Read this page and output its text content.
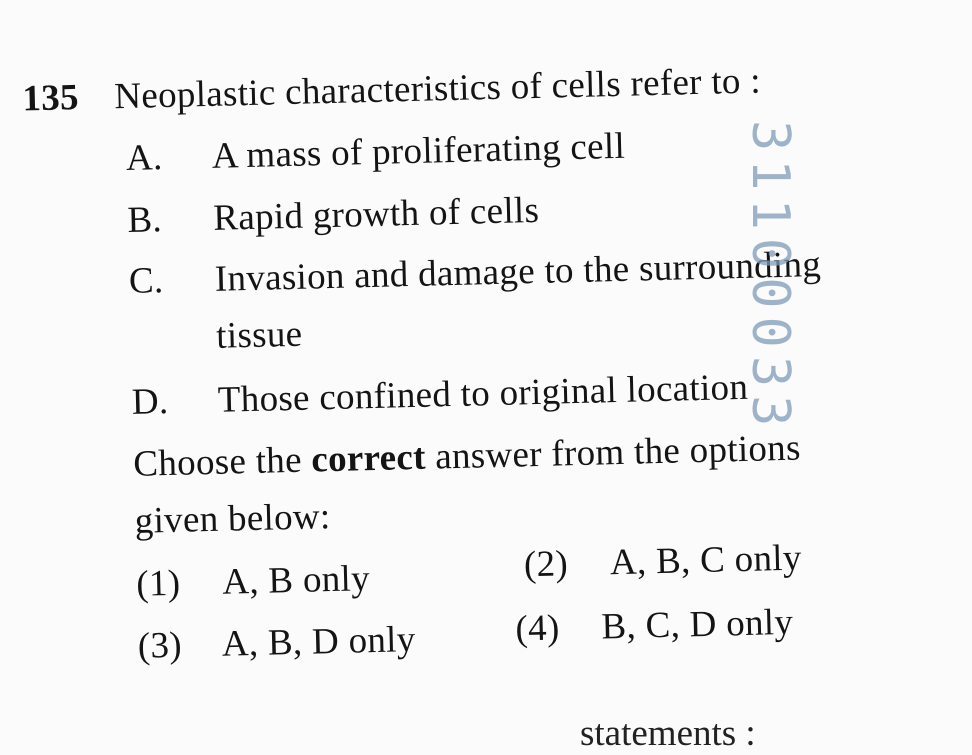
135 Neoplastic characteristics of cells refer to :
A. A mass of proliferating cell
B. Rapid growth of cells
C. Invasion and damage to the surrounding
tissue
D. Those confined to original location
Choose the correct answer from the options
given below:
(1) A, B only	(2) A, B, C only
(3) A, B, D only	(4) B, C, D only
31100033
statements :
